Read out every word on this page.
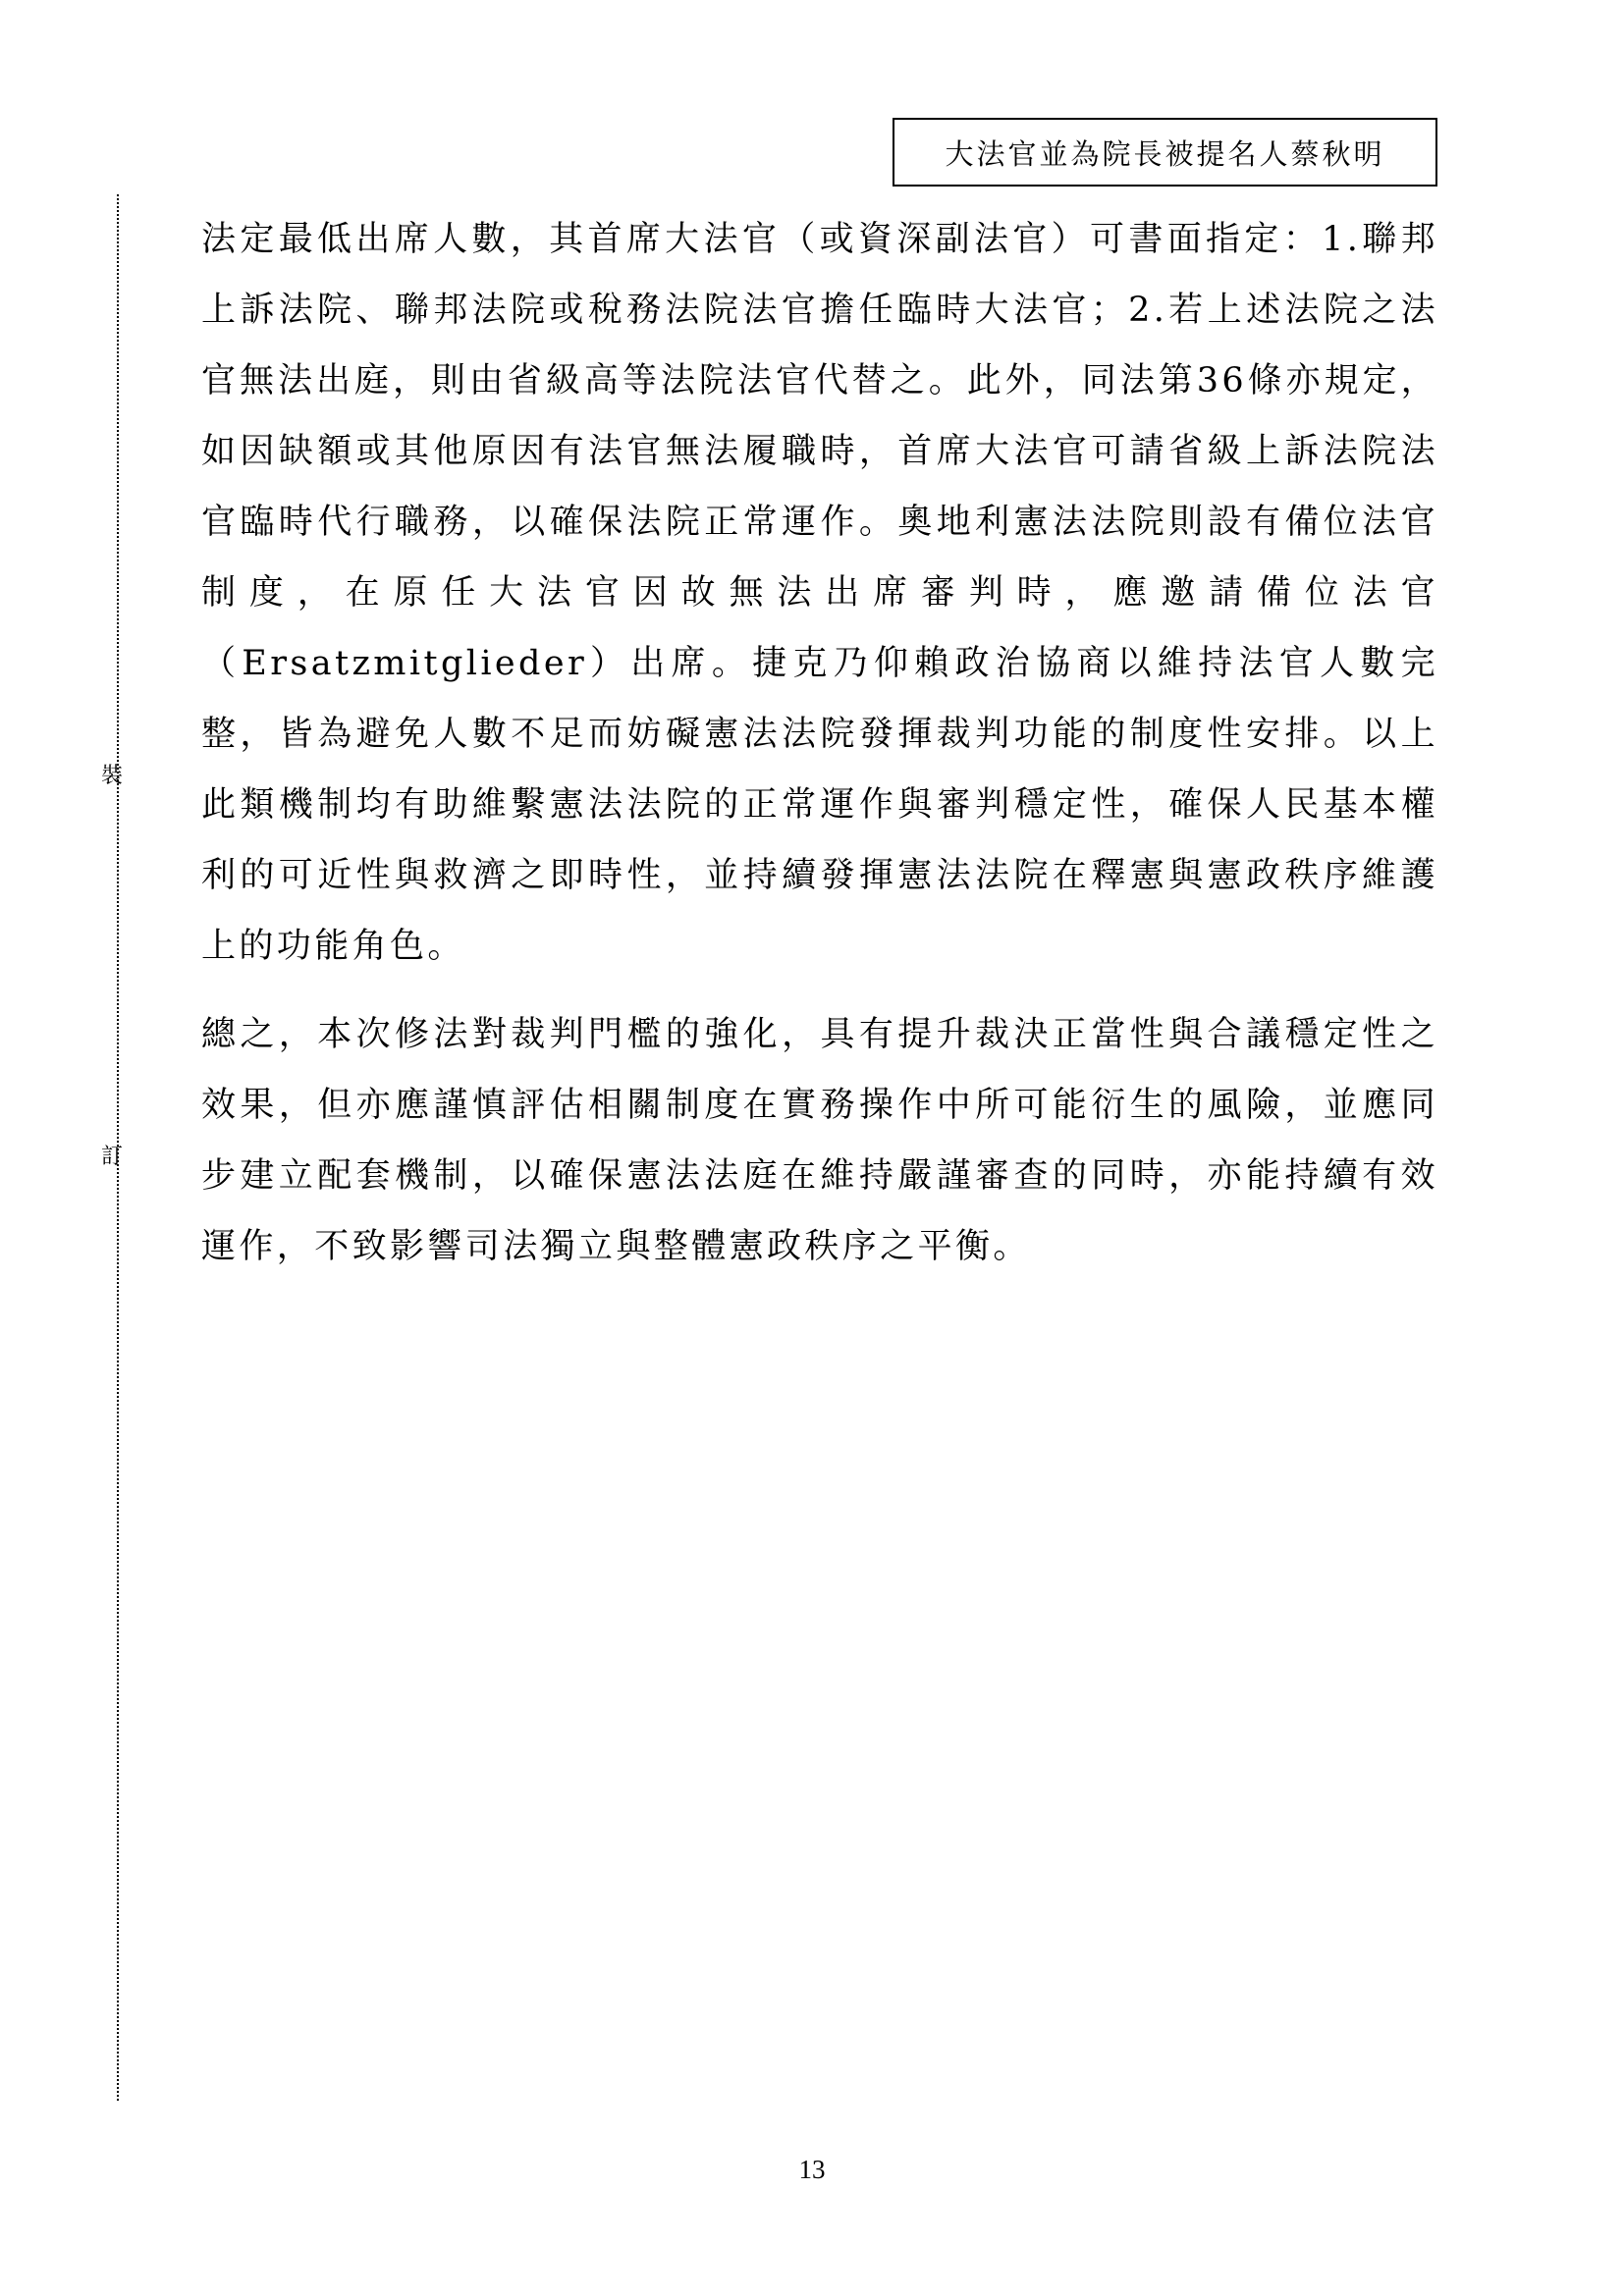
大法官並為院長被提名人蔡秋明
裝
訂

法定最低出席人數，其首席大法官（或資深副法官）可書面指定：1.聯邦上訴法院、聯邦法院或稅務法院法官擔任臨時大法官；2.若上述法院之法官無法出庭，則由省級高等法院法官代替之。此外，同法第36條亦規定，如因缺額或其他原因有法官無法履職時，首席大法官可請省級上訴法院法官臨時代行職務，以確保法院正常運作。奧地利憲法法院則設有備位法官制度，在原任大法官因故無法出席審判時，應邀請備位法官（Ersatzmitglieder）出席。捷克乃仰賴政治協商以維持法官人數完整，皆為避免人數不足而妨礙憲法法院發揮裁判功能的制度性安排。以上此類機制均有助維繫憲法法院的正常運作與審判穩定性，確保人民基本權利的可近性與救濟之即時性，並持續發揮憲法法院在釋憲與憲政秩序維護上的功能角色。

總之，本次修法對裁判門檻的強化，具有提升裁決正當性與合議穩定性之效果，但亦應謹慎評估相關制度在實務操作中所可能衍生的風險，並應同步建立配套機制，以確保憲法法庭在維持嚴謹審查的同時，亦能持續有效運作，不致影響司法獨立與整體憲政秩序之平衡。

13
